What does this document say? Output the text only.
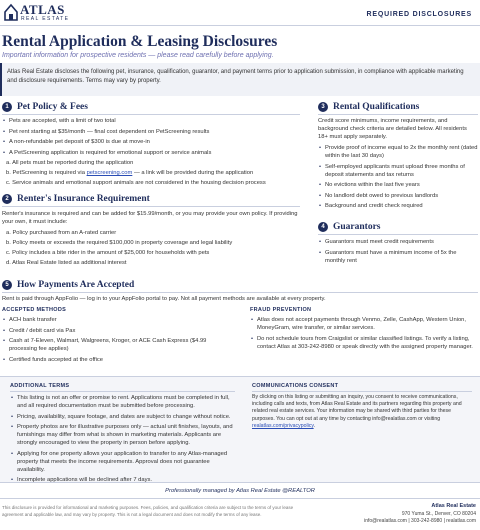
ATLAS
REAL ESTATE
REQUIRED DISCLOSURES
Rental Application & Leasing Disclosures
Important information for prospective residents — please read carefully before applying.
Atlas Real Estate discloses the following pet, insurance, qualification, guarantor, and payment terms prior to application submission, in compliance with applicable marketing and disclosure requirements. Terms may vary by property.
1 Pet Policy & Fees
• Pets are accepted, with a limit of two total
• Pet rent starting at $35/month — final cost dependent on PetScreening results
• A non-refundable pet deposit of $300 is due at move-in
• A PetScreening application is required for emotional support or service animals
a. All pets must be reported during the application
b. PetScreening is required via petscreening.com — a link will be provided during the application
c. Service animals and emotional support animals are not considered in the housing decision process
2 Renter's Insurance Requirement
Renter's insurance is required and can be added for $15.99/month, or you may provide your own policy. If providing your own, it must include:
a. Policy purchased from an A-rated carrier
b. Policy meets or exceeds the required $100,000 in property coverage and legal liability
c. Policy includes a bite rider in the amount of $25,000 for households with pets
d. Atlas Real Estate listed as additional interest
3 Rental Qualifications
Credit score minimums, income requirements, and background check criteria are detailed below. All residents 18+ must apply separately.
• Provide proof of income equal to 2x the monthly rent (dated within the last 30 days)
• Self-employed applicants must upload three months of deposit statements and tax returns
• No evictions within the last five years
• No landlord debt owed to previous landlords
• Background and credit check required
4 Guarantors
• Guarantors must meet credit requirements
• Guarantors must have a minimum income of 5x the monthly rent
5 How Payments Are Accepted
Rent is paid through AppFolio — log in to your AppFolio portal to pay. Not all payment methods are available at every property.
ACCEPTED METHODS
• ACH bank transfer
• Credit / debit card via Pax
• Cash at 7-Eleven, Walmart, Walgreens, Kroger, or ACE Cash Express ($4.99 processing fee applies)
• Certified funds accepted at the office
FRAUD PREVENTION
• Atlas does not accept payments through Venmo, Zelle, CashApp, Western Union, MoneyGram, wire transfer, or similar services.
• Do not schedule tours from Craigslist or similar classified listings. To verify a listing, contact Atlas at 303-242-8980 or speak directly with the assigned property manager.
ADDITIONAL TERMS
• This listing is not an offer or promise to rent. Applications must be completed in full, and all required documentation must be submitted before processing.
• Pricing, availability, square footage, and dates are subject to change without notice.
• Property photos are for illustrative purposes only — actual unit finishes, layouts, and furnishings may differ from what is shown in marketing materials. Applicants are strongly encouraged to view the property in person before applying.
• Applying for one property allows your application to transfer to any Atlas-managed property that meets the income requirements. Approval does not guarantee availability.
• Incomplete applications will be declined after 7 days.
COMMUNICATIONS CONSENT
By clicking on this listing or submitting an inquiry, you consent to receive communications, including calls and texts, from Atlas Real Estate and its partners regarding this property and related real estate services. Your information may be shared with third parties for these purposes. You can opt out at any time by contacting info@realatlas.com or visiting realatlas.com/privacypolicy.
Professionally managed by Atlas Real Estate @REALTOR
This disclosure is provided for informational and marketing purposes. Fees, policies, and qualification criteria are subject to the terms of your lease agreement and applicable law, and may vary by property. This is not a legal document and does not modify the terms of any lease.
Atlas Real Estate
970 Yuma St., Denver, CO 80204
info@realatlas.com | 303-242-8980 | realatlas.com
